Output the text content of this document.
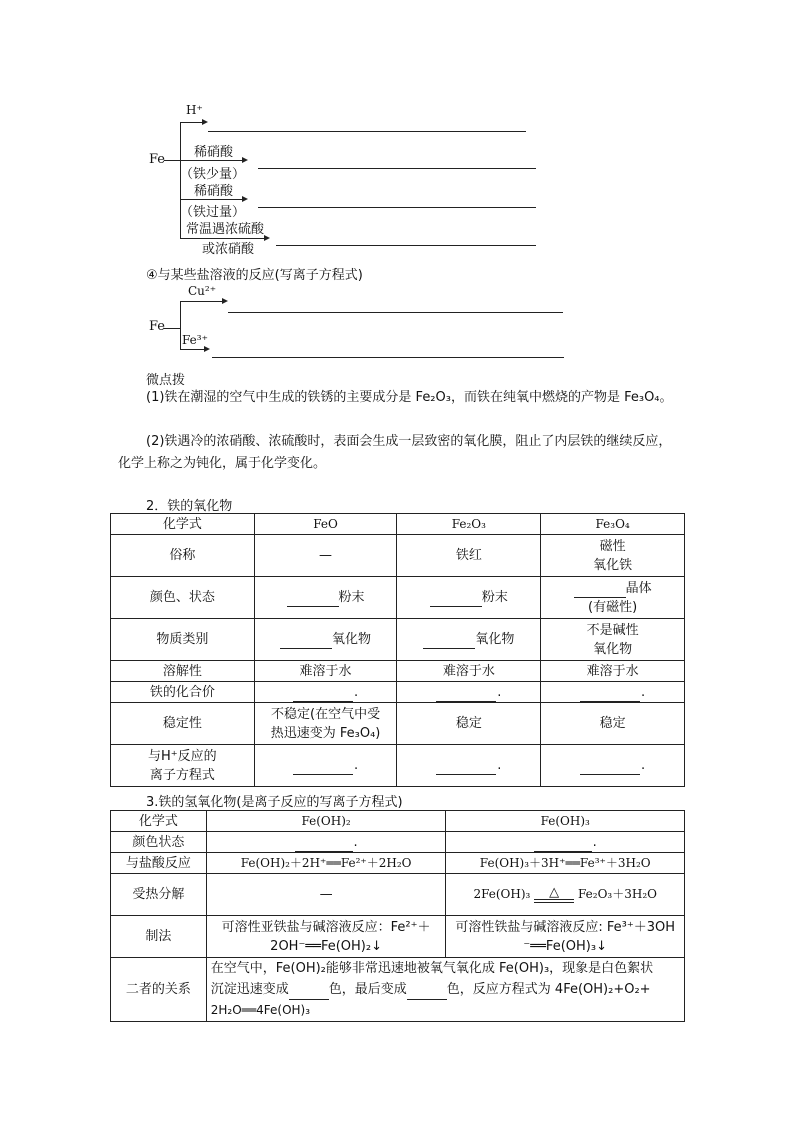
Fe
H⁺
稀硝酸
（铁少量）
稀硝酸
（铁过量）
常温遇浓硫酸
或浓硝酸
④与某些盐溶液的反应(写离子方程式)
Fe
Cu²⁺
Fe³⁺
微点拨

(1)铁在潮湿的空气中生成的铁锈的主要成分是 Fe₂O₃，而铁在纯氧中燃烧的产物是 Fe₃O₄。

(2)铁遇冷的浓硝酸、浓硫酸时，表面会生成一层致密的氧化膜，阻止了内层铁的继续反应，化学上称之为钝化，属于化学变化。

2．铁的氧化物
化学式	FeO	Fe₂O₃	Fe₃O₄
俗称	—	铁红	磁性
氧化铁
颜色、状态	粉末	粉末	晶体
(有磁性)
物质类别	氧化物	氧化物	不是碱性
氧化物
溶解性	难溶于水	难溶于水	难溶于水
铁的化合价	.	.	.
稳定性	不稳定(在空气中受
热迅速变为 Fe₃O₄)	稳定	稳定
与H⁺反应的
离子方程式	.	.	.
3.铁的氢氧化物(是离子反应的写离子方程式)
化学式	Fe(OH)₂	Fe(OH)₃
颜色状态	.	.
与盐酸反应	Fe(OH)₂＋2H⁺══Fe²⁺＋2H₂O	Fe(OH)₃＋3H⁺══Fe³⁺＋3H₂O
受热分解	—	2Fe(OH)₃ △ Fe₂O₃＋3H₂O
制法	可溶性亚铁盐与碱溶液反应：Fe²⁺＋
2OH⁻══Fe(OH)₂↓	可溶性铁盐与碱溶液反应: Fe³⁺＋3OH
⁻══Fe(OH)₃↓
二者的关系	在空气中，Fe(OH)₂能够非常迅速地被氧气氧化成 Fe(OH)₃，现象是白色絮状
沉淀迅速变成 色，最后变成 色，反应方程式为 4Fe(OH)₂+O₂+
2H₂O══4Fe(OH)₃	
